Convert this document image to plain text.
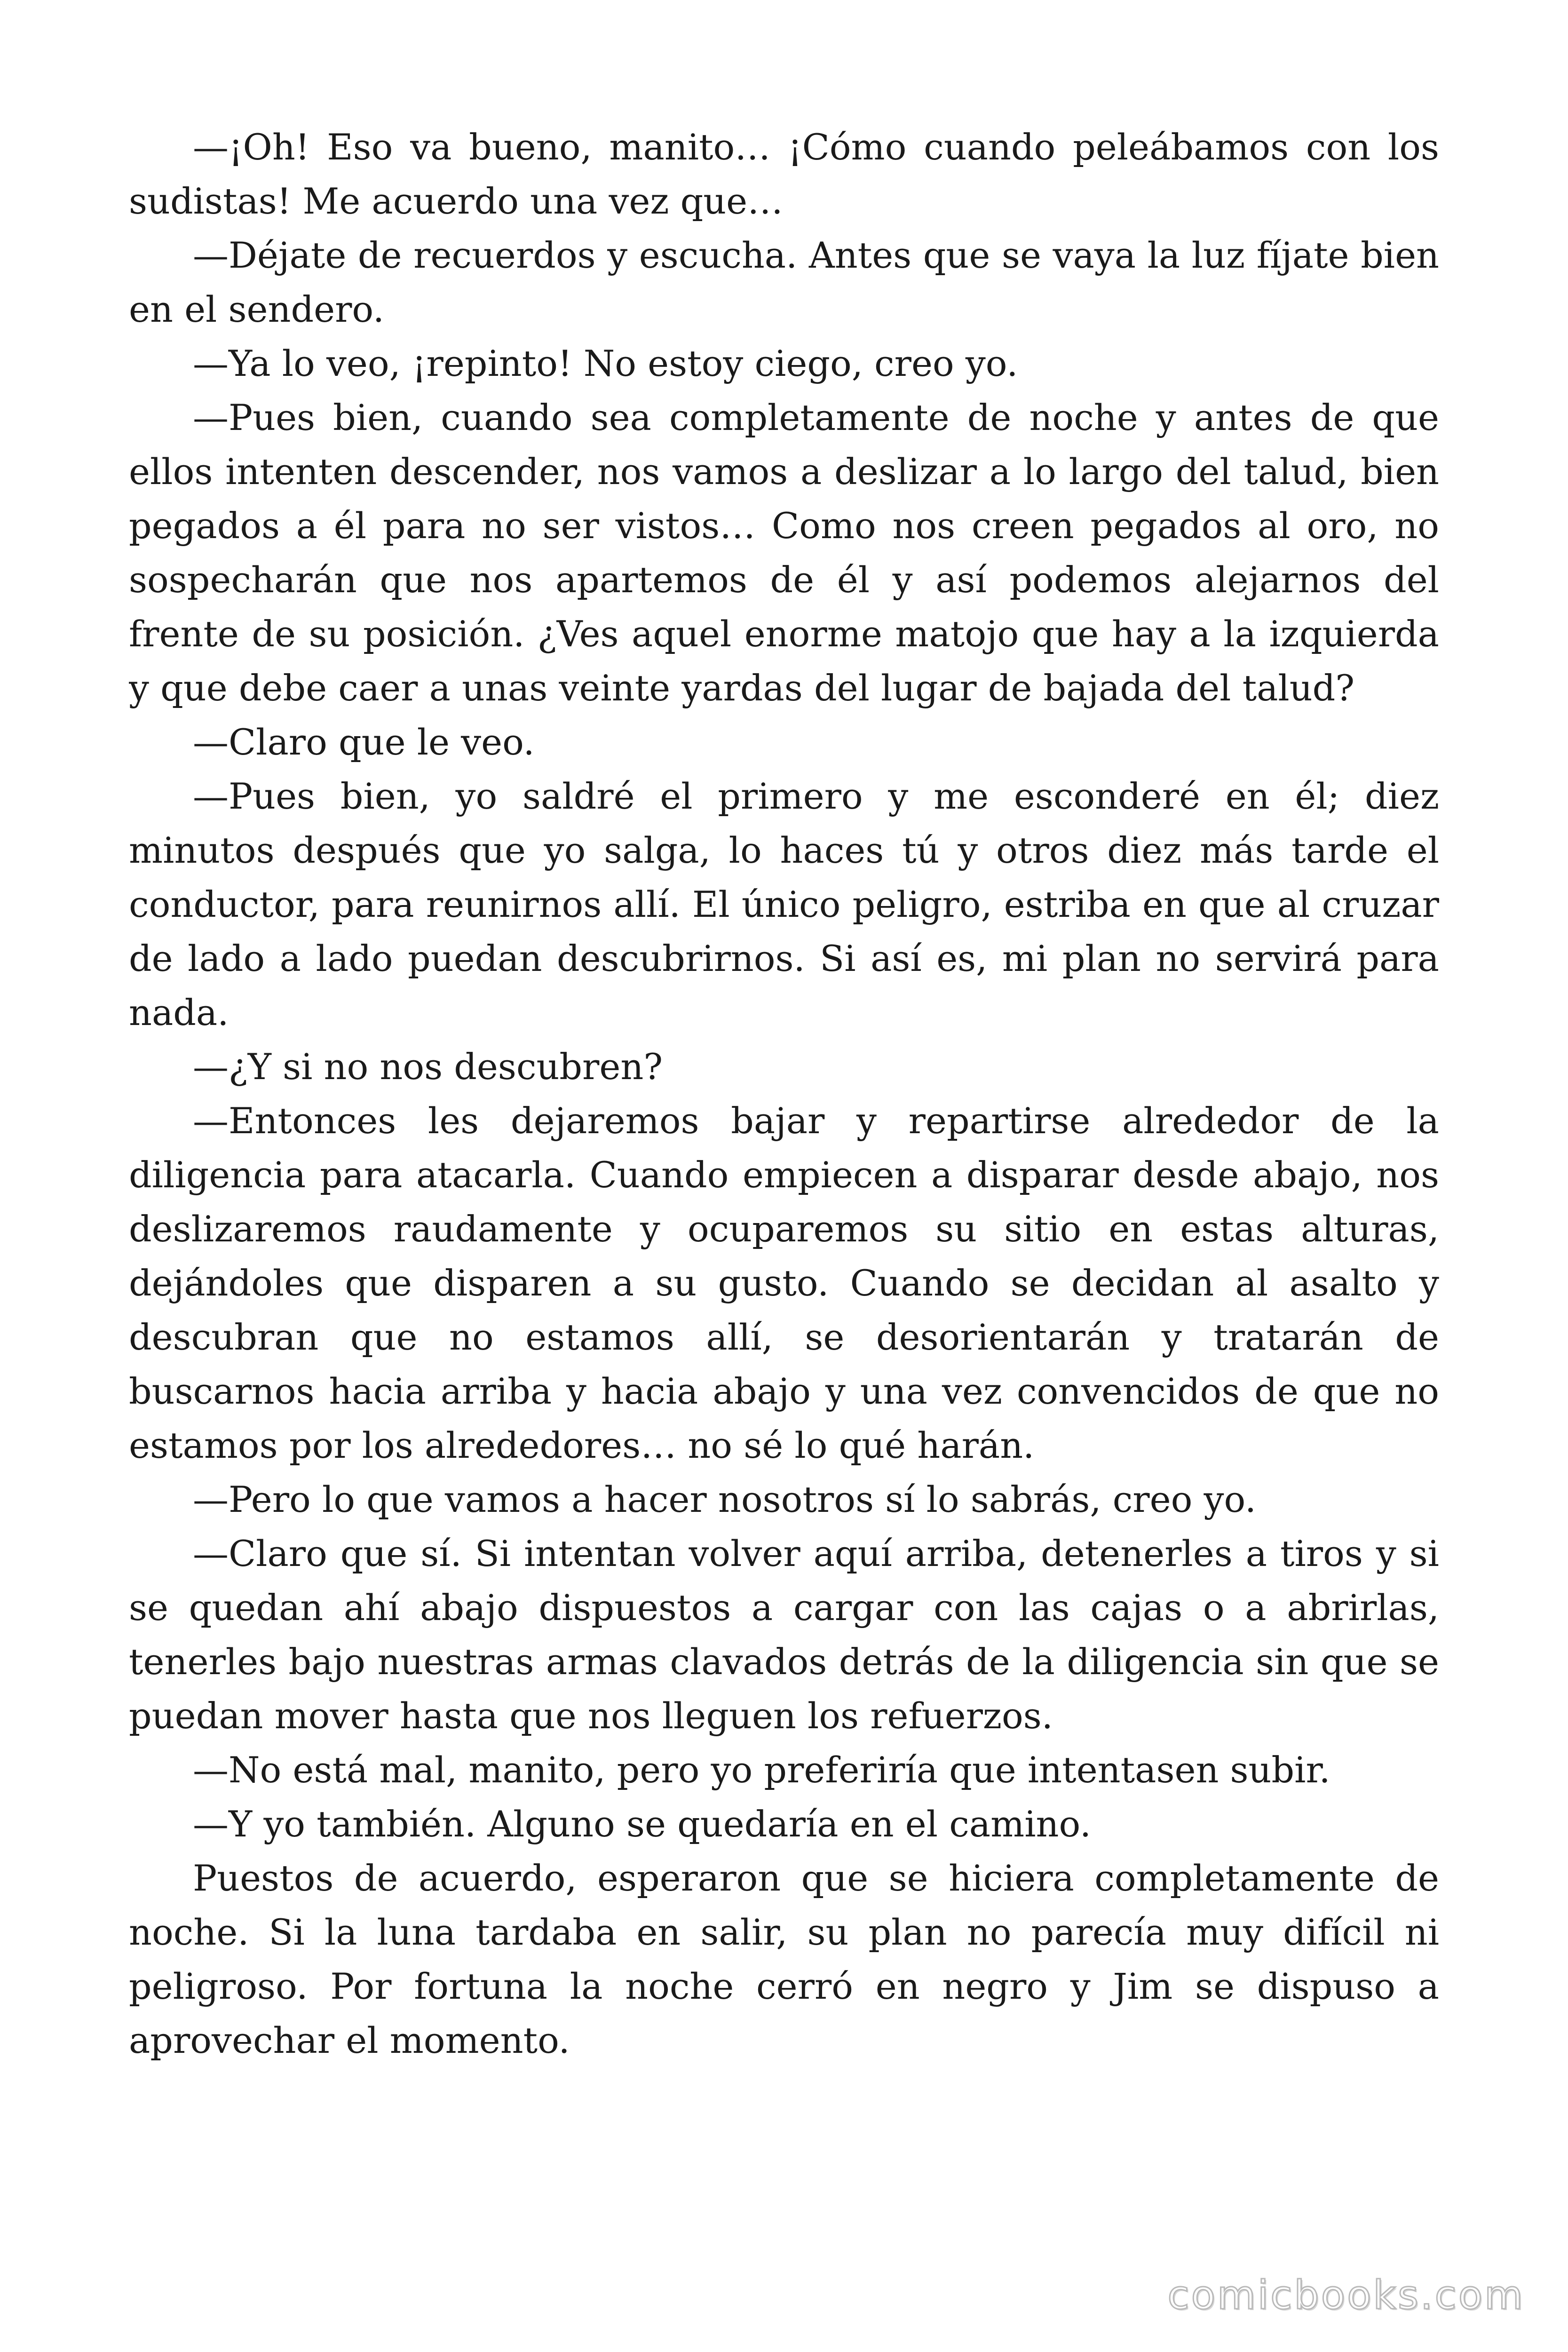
—¡Oh! Eso va bueno, manito… ¡Cómo cuando peleábamos con los sudistas! Me acuerdo una vez que…

—Déjate de recuerdos y escucha. Antes que se vaya la luz fíjate bien en el sendero.

—Ya lo veo, ¡repinto! No estoy ciego, creo yo.

—Pues bien, cuando sea completamente de noche y antes de que ellos intenten descender, nos vamos a deslizar a lo largo del talud, bien pegados a él para no ser vistos… Como nos creen pegados al oro, no sospecharán que nos apartemos de él y así podemos alejarnos del frente de su posición. ¿Ves aquel enorme matojo que hay a la izquierda y que debe caer a unas veinte yardas del lugar de bajada del talud?

—Claro que le veo.

—Pues bien, yo saldré el primero y me esconderé en él; diez minutos después que yo salga, lo haces tú y otros diez más tarde el conductor, para reunirnos allí. El único peligro, estriba en que al cruzar de lado a lado puedan descubrirnos. Si así es, mi plan no servirá para nada.

—¿Y si no nos descubren?

—Entonces les dejaremos bajar y repartirse alrededor de la diligencia para atacarla. Cuando empiecen a disparar desde abajo, nos deslizaremos raudamente y ocuparemos su sitio en estas alturas, dejándoles que disparen a su gusto. Cuando se decidan al asalto y descubran que no estamos allí, se desorientarán y tratarán de buscarnos hacia arriba y hacia abajo y una vez convencidos de que no estamos por los alrededores… no sé lo qué harán.

—Pero lo que vamos a hacer nosotros sí lo sabrás, creo yo.

—Claro que sí. Si intentan volver aquí arriba, detenerles a tiros y si se quedan ahí abajo dispuestos a cargar con las cajas o a abrirlas, tenerles bajo nuestras armas clavados detrás de la diligencia sin que se puedan mover hasta que nos lleguen los refuerzos.

—No está mal, manito, pero yo preferiría que intentasen subir.

—Y yo también. Alguno se quedaría en el camino.

Puestos de acuerdo, esperaron que se hiciera completamente de noche. Si la luna tardaba en salir, su plan no parecía muy difícil ni peligroso. Por fortuna la noche cerró en negro y Jim se dispuso a aprovechar el momento.

comicbooks.com
